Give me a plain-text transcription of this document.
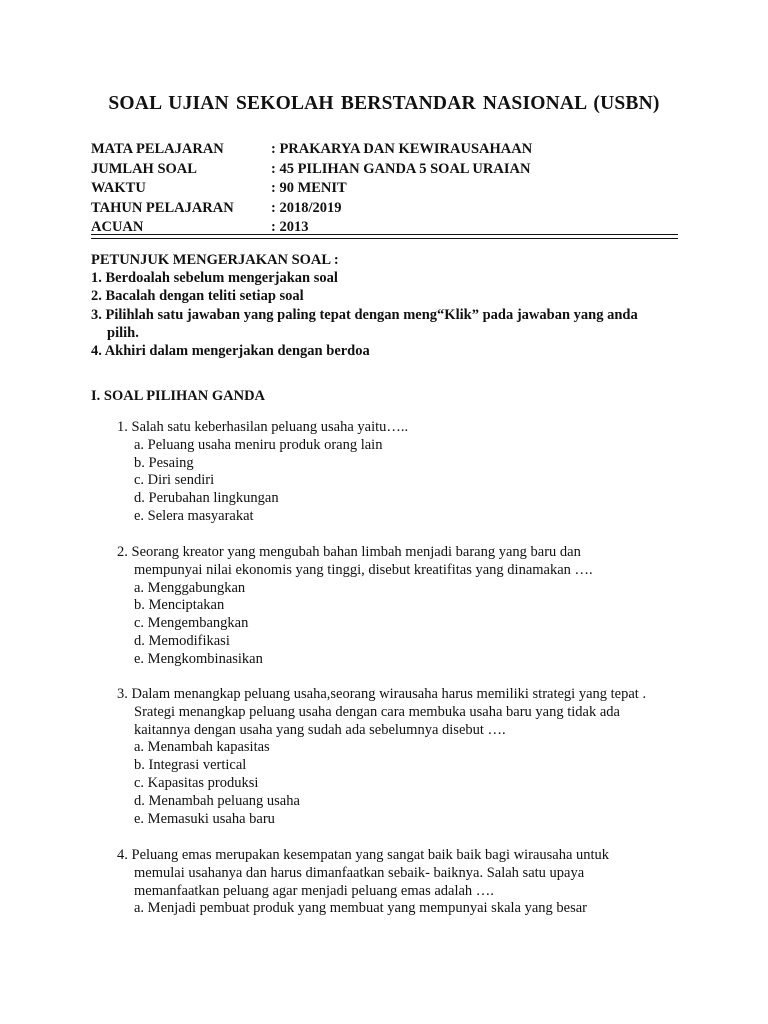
SOAL UJIAN SEKOLAH BERSTANDAR NASIONAL (USBN)
MATA PELAJARAN	: PRAKARYA DAN KEWIRAUSAHAAN
JUMLAH SOAL	: 45 PILIHAN GANDA 5 SOAL URAIAN
WAKTU	: 90 MENIT
TAHUN PELAJARAN	: 2018/2019
ACUAN	: 2013
PETUNJUK MENGERJAKAN SOAL :
1. Berdoalah sebelum mengerjakan soal
2. Bacalah dengan teliti setiap soal
3. Pilihlah satu jawaban yang paling tepat dengan meng“Klik” pada jawaban yang anda
pilih.
4. Akhiri dalam mengerjakan dengan berdoa
I. SOAL PILIHAN GANDA
1. Salah satu keberhasilan peluang usaha yaitu…..
a. Peluang usaha meniru produk orang lain
b. Pesaing
c. Diri sendiri
d. Perubahan lingkungan
e. Selera masyarakat
2. Seorang kreator yang mengubah bahan limbah menjadi barang yang baru dan
mempunyai nilai ekonomis yang tinggi, disebut kreatifitas yang dinamakan ….
a. Menggabungkan
b. Menciptakan
c. Mengembangkan
d. Memodifikasi
e. Mengkombinasikan
3. Dalam menangkap peluang usaha,seorang wirausaha harus memiliki strategi yang tepat .
Srategi menangkap peluang usaha dengan cara membuka usaha baru yang tidak ada
kaitannya dengan usaha yang sudah ada sebelumnya disebut ….
a. Menambah kapasitas
b. Integrasi vertical
c. Kapasitas produksi
d. Menambah peluang usaha
e. Memasuki usaha baru
4. Peluang emas merupakan kesempatan yang sangat baik baik bagi wirausaha untuk
memulai usahanya dan harus dimanfaatkan sebaik- baiknya. Salah satu upaya
memanfaatkan peluang agar menjadi peluang emas adalah ….
a. Menjadi pembuat produk yang membuat yang mempunyai skala yang besar
